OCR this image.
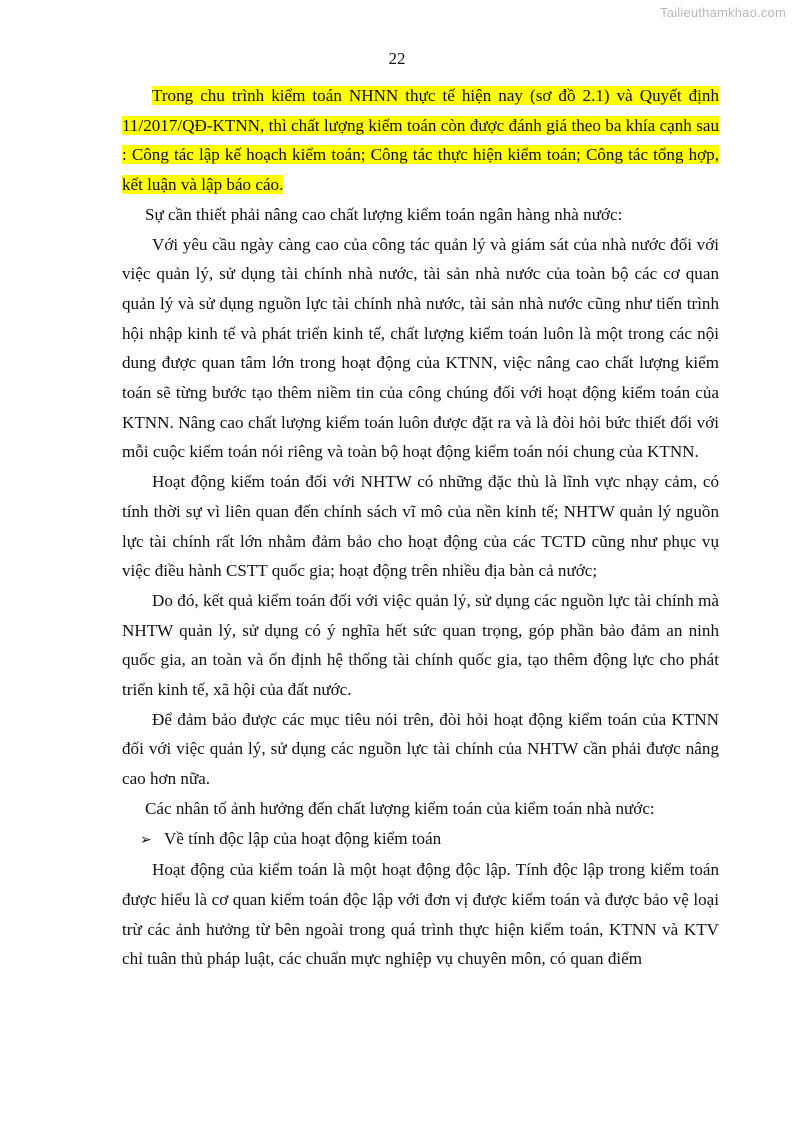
Tailieuthamkhao.com
22

Trong chu trình kiểm toán NHNN thực tế hiện nay (sơ đồ 2.1) và Quyết định 11/2017/QĐ-KTNN, thì chất lượng kiểm toán còn được đánh giá theo ba khía cạnh sau : Công tác lập kế hoạch kiểm toán; Công tác thực hiện kiểm toán; Công tác tổng hợp, kết luận và lập báo cáo.

Sự cần thiết phải nâng cao chất lượng kiểm toán ngân hàng nhà nước:

Với yêu cầu ngày càng cao của công tác quản lý và giám sát của nhà nước đối với việc quản lý, sử dụng tài chính nhà nước, tài sản nhà nước của toàn bộ các cơ quan quản lý và sử dụng nguồn lực tài chính nhà nước, tài sản nhà nước cũng như tiến trình hội nhập kinh tế và phát triển kinh tế, chất lượng kiểm toán luôn là một trong các nội dung được quan tâm lớn trong hoạt động của KTNN, việc nâng cao chất lượng kiểm toán sẽ từng bước tạo thêm niềm tin của công chúng đối với hoạt động kiểm toán của KTNN. Nâng cao chất lượng kiểm toán luôn được đặt ra và là đòi hỏi bức thiết đối với mỗi cuộc kiểm toán nói riêng và toàn bộ hoạt động kiểm toán nói chung của KTNN.

Hoạt động kiểm toán đối với NHTW có những đặc thù là lĩnh vực nhạy cảm, có tính thời sự vì liên quan đến chính sách vĩ mô của nền kinh tế; NHTW quản lý nguồn lực tài chính rất lớn nhằm đảm bảo cho hoạt động của các TCTD cũng như phục vụ việc điều hành CSTT quốc gia; hoạt động trên nhiều địa bàn cả nước;

Do đó, kết quả kiểm toán đối với việc quản lý, sử dụng các nguồn lực tài chính mà NHTW quản lý, sử dụng có ý nghĩa hết sức quan trọng, góp phần bảo đảm an ninh quốc gia, an toàn và ổn định hệ thống tài chính quốc gia, tạo thêm động lực cho phát triển kinh tế, xã hội của đất nước.

Để đảm bảo được các mục tiêu nói trên, đòi hỏi hoạt động kiểm toán của KTNN đối với việc quản lý, sử dụng các nguồn lực tài chính của NHTW cần phải được nâng cao hơn nữa.

Các nhân tố ảnh hưởng đến chất lượng kiểm toán của kiểm toán nhà nước:

➢ Về tính độc lập của hoạt động kiểm toán

Hoạt động của kiểm toán là một hoạt động độc lập. Tính độc lập trong kiểm toán được hiểu là cơ quan kiểm toán độc lập với đơn vị được kiểm toán và được bảo vệ loại trừ các ảnh hưởng từ bên ngoài trong quá trình thực hiện kiểm toán, KTNN và KTV chỉ tuân thủ pháp luật, các chuẩn mực nghiệp vụ chuyên môn, có quan điểm
